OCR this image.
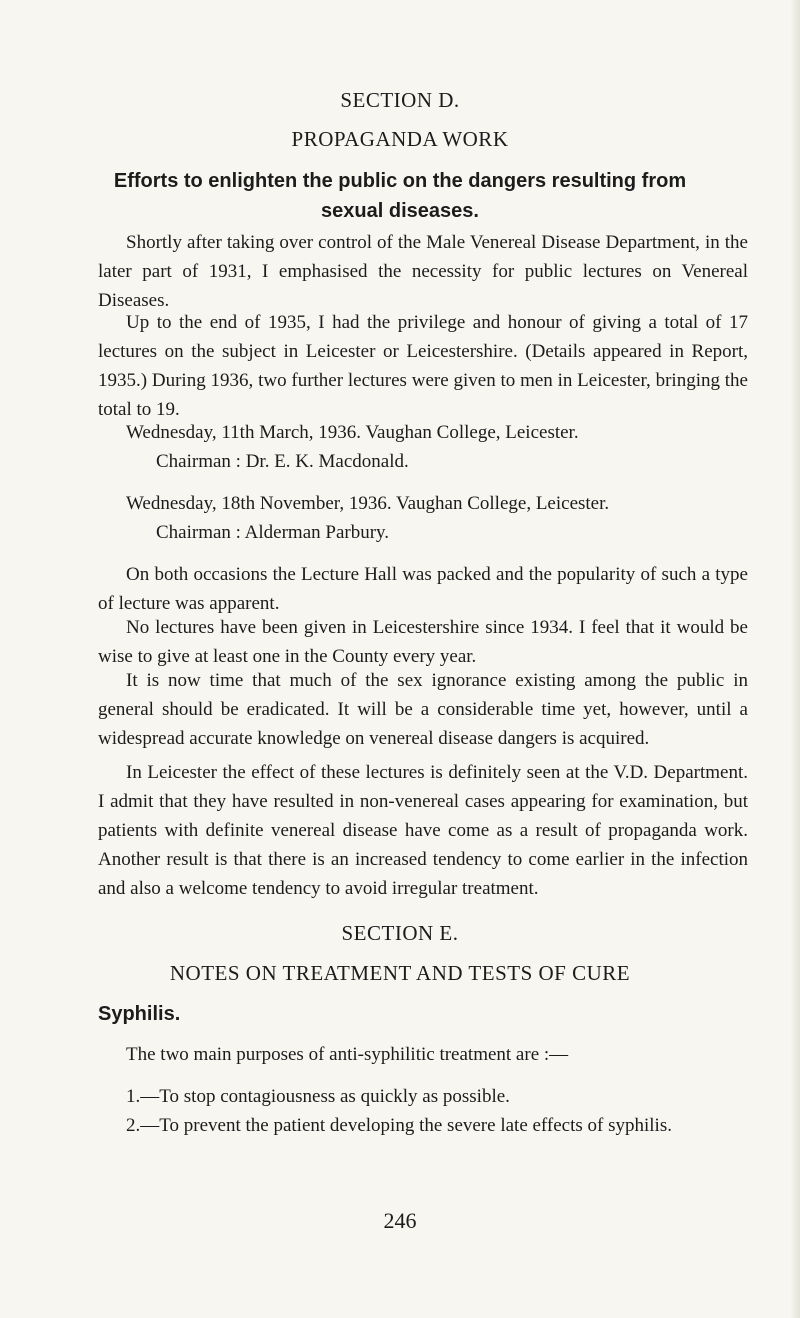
SECTION D.
PROPAGANDA WORK
Efforts to enlighten the public on the dangers resulting from sexual diseases.

Shortly after taking over control of the Male Venereal Disease Department, in the later part of 1931, I emphasised the necessity for public lectures on Venereal Diseases.

Up to the end of 1935, I had the privilege and honour of giving a total of 17 lectures on the subject in Leicester or Leicestershire. (Details appeared in Report, 1935.) During 1936, two further lectures were given to men in Leicester, bringing the total to 19.

Wednesday, 11th March, 1936. Vaughan College, Leicester.
Chairman : Dr. E. K. Macdonald.
Wednesday, 18th November, 1936. Vaughan College, Leicester.
Chairman : Alderman Parbury.

On both occasions the Lecture Hall was packed and the popularity of such a type of lecture was apparent.

No lectures have been given in Leicestershire since 1934. I feel that it would be wise to give at least one in the County every year.

It is now time that much of the sex ignorance existing among the public in general should be eradicated. It will be a considerable time yet, however, until a widespread accurate knowledge on venereal disease dangers is acquired.

In Leicester the effect of these lectures is definitely seen at the V.D. Department. I admit that they have resulted in non-venereal cases appearing for examination, but patients with definite venereal disease have come as a result of propaganda work. Another result is that there is an increased tendency to come earlier in the infection and also a welcome tendency to avoid irregular treatment.

SECTION E.
NOTES ON TREATMENT AND TESTS OF CURE
Syphilis.
The two main purposes of anti-syphilitic treatment are :—
1.—To stop contagiousness as quickly as possible.

2.—To prevent the patient developing the severe late effects of syphilis.

246
